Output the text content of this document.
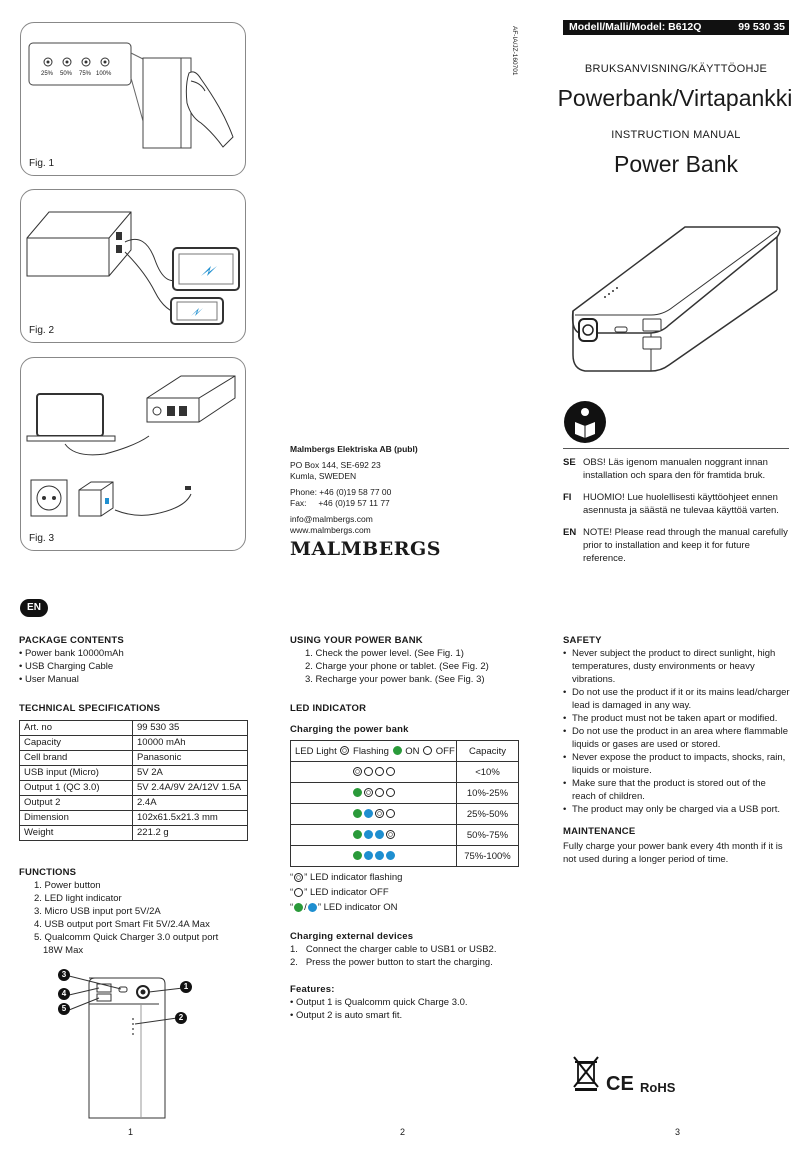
25% 50% 75% 100%
Fig. 1
Fig. 2
Fig. 3
AF-IA/JZ-160701	Modell/Malli/Model: B612Q	99 530 35
BRUKSANVISNING/KÄYTTÖOHJE
Powerbank/Virtapankki
INSTRUCTION MANUAL
Power Bank
SE OBS! Läs igenom manualen noggrant innan installation och spara den för framtida bruk.
FI	HUOMIO! Lue huolellisesti käyttöohjeet ennen asennusta ja säästä ne tulevaa käyttöä varten.
EN NOTE! Please read through the manual carefully prior to installation and keep it for future reference.
Malmbergs Elektriska AB (publ)
PO Box 144, SE-692 23
Kumla, SWEDEN
Phone: +46 (0)19 58 77 00
Fax:     +46 (0)19 57 11 77
info@malmbergs.com
www.malmbergs.com
MALMBERGS
EN
PACKAGE CONTENTS
• Power bank 10000mAh
• USB Charging Cable
• User Manual
TECHNICAL SPECIFICATIONS
Art. no	99 530 35
Capacity	10000 mAh
Cell brand	Panasonic
USB input (Micro)	5V 2A
Output 1 (QC 3.0)	5V 2.4A/9V 2A/12V 1.5A
Output 2	2.4A
Dimension	102x61.5x21.3 mm
Weight	221.2 g
FUNCTIONS
1. Power button
2. LED light indicator
3. Micro USB input port 5V/2A
4. USB output port Smart Fit 5V/2.4A Max
5. Qualcomm Quick Charger 3.0 output port
18W Max
3
4
5
1
2
USING YOUR POWER BANK
1. Check the power level. (See Fig. 1)
2. Charge your phone or tablet. (See Fig. 2)
3. Recharge your power bank. (See Fig. 3)
LED INDICATOR
Charging the power bank
LED Light Flashing ON OFF	Capacity
	<10%
	10%-25%
	25%-50%
	50%-75%
	75%-100%
“ ” LED indicator flashing
“ ” LED indicator OFF
“ / ” LED indicator ON
Charging external devices
1.   Connect the charger cable to USB1 or USB2.
2.   Press the power button to start the charging.
Features:
• Output 1 is Qualcomm quick Charge 3.0.
• Output 2 is auto smart fit.
SAFETY
• Never subject the product to direct sunlight, high temperatures, dusty environments or heavy vibrations.
• Do not use the product if it or its mains lead/charger lead is damaged in any way.
• The product must not be taken apart or modified.
• Do not use the product in an area where flammable liquids or gases are used or stored.
• Never expose the product to impacts, shocks, rain, liquids or moisture.
• Make sure that the product is stored out of the reach of children.
• The product may only be charged via a USB port.
MAINTENANCE
Fully charge your power bank every 4th month if it is not used during a longer period of time.
CE RoHS
1	2	3
